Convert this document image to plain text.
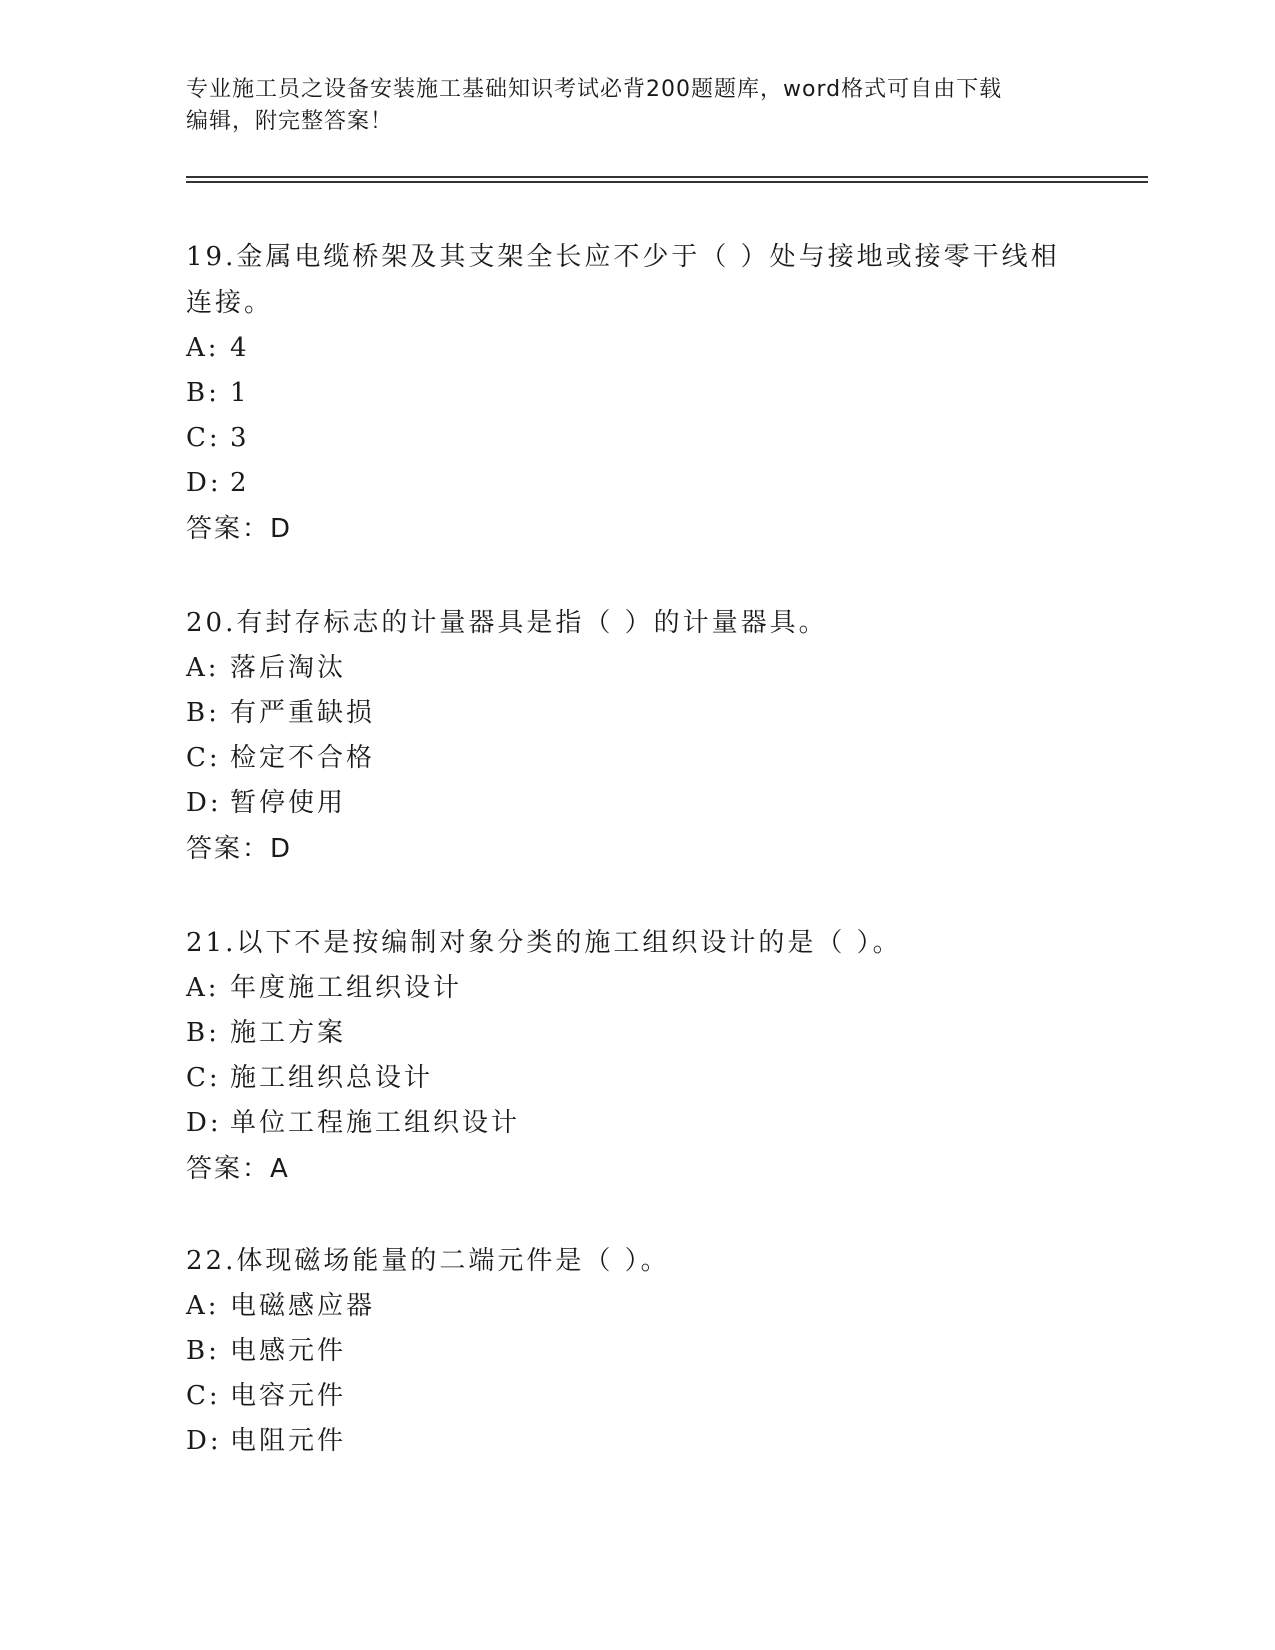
专业施工员之设备安装施工基础知识考试必背200题题库，word格式可自由下载
编辑，附完整答案！
19.金属电缆桥架及其支架全长应不少于（ ）处与接地或接零干线相
连接。
A: 4
B: 1
C: 3
D: 2
答案：D
20.有封存标志的计量器具是指（ ）的计量器具。
A: 落后淘汰
B: 有严重缺损
C: 检定不合格
D: 暂停使用
答案：D
21.以下不是按编制对象分类的施工组织设计的是（ ）。
A: 年度施工组织设计
B: 施工方案
C: 施工组织总设计
D: 单位工程施工组织设计
答案：A
22.体现磁场能量的二端元件是（ ）。
A: 电磁感应器
B: 电感元件
C: 电容元件
D: 电阻元件
